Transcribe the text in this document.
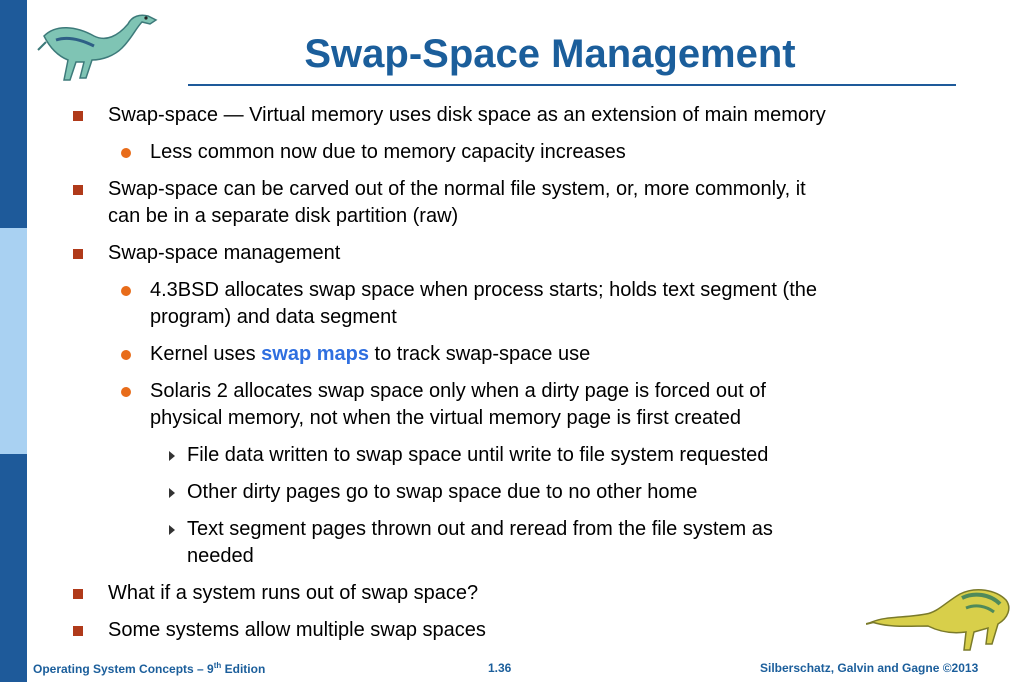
Swap-Space Management
Swap-space — Virtual memory uses disk space as an extension of main memory
Less common now due to memory capacity increases
Swap-space can be carved out of the normal file system, or, more commonly, it
can be in a separate disk partition (raw)
Swap-space management
4.3BSD allocates swap space when process starts; holds text segment (the
program) and data segment
Kernel uses swap maps to track swap-space use
Solaris 2 allocates swap space only when a dirty page is forced out of
physical memory, not when the virtual memory page is first created
File data written to swap space until write to file system requested
Other dirty pages go to swap space due to no other home
Text segment pages thrown out and reread from the file system as
needed
What if a system runs out of swap space?
Some systems allow multiple swap spaces
Operating System Concepts – 9th Edition	1.36	Silberschatz, Galvin and Gagne ©2013
